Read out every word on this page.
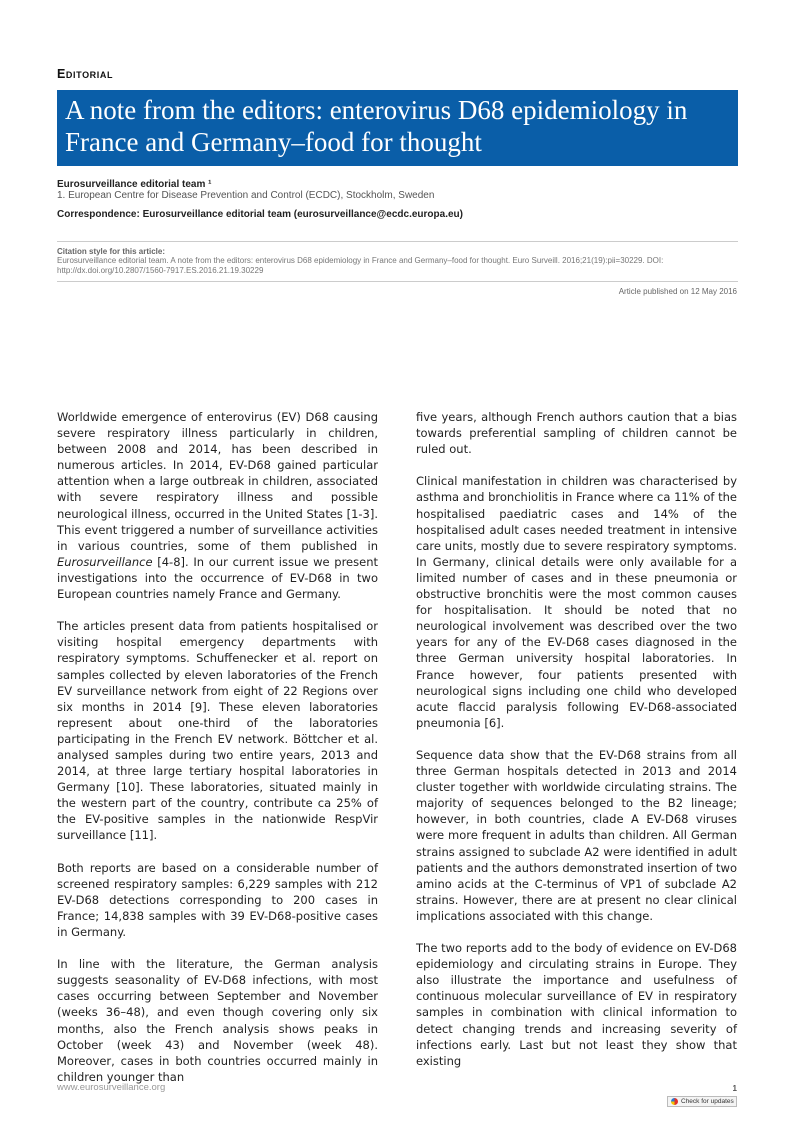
Editorial
A note from the editors: enterovirus D68 epidemiology in France and Germany–food for thought
Eurosurveillance editorial team ¹
1. European Centre for Disease Prevention and Control (ECDC), Stockholm, Sweden
Correspondence: Eurosurveillance editorial team (eurosurveillance@ecdc.europa.eu)
Citation style for this article:
Eurosurveillance editorial team. A note from the editors: enterovirus D68 epidemiology in France and Germany–food for thought. Euro Surveill. 2016;21(19):pii=30229. DOI: http://dx.doi.org/10.2807/1560-7917.ES.2016.21.19.30229
Article published on 12 May 2016

Worldwide emergence of enterovirus (EV) D68 causing severe respiratory illness particularly in children, between 2008 and 2014, has been described in numerous articles. In 2014, EV-D68 gained particular attention when a large outbreak in children, associated with severe respiratory illness and possible neurological illness, occurred in the United States [1-3]. This event triggered a number of surveillance activities in various countries, some of them published in Eurosurveillance [4-8]. In our current issue we present investigations into the occurrence of EV-D68 in two European countries namely France and Germany.

The articles present data from patients hospitalised or visiting hospital emergency departments with respiratory symptoms. Schuffenecker et al. report on samples collected by eleven laboratories of the French EV surveillance network from eight of 22 Regions over six months in 2014 [9]. These eleven laboratories represent about one-third of the laboratories participating in the French EV network. Böttcher et al. analysed samples during two entire years, 2013 and 2014, at three large tertiary hospital laboratories in Germany [10]. These laboratories, situated mainly in the western part of the country, contribute ca 25% of the EV-positive samples in the nationwide RespVir surveillance [11].

Both reports are based on a considerable number of screened respiratory samples: 6,229 samples with 212 EV-D68 detections corresponding to 200 cases in France; 14,838 samples with 39 EV-D68-positive cases in Germany.

In line with the literature, the German analysis suggests seasonality of EV-D68 infections, with most cases occurring between September and November (weeks 36–48), and even though covering only six months, also the French analysis shows peaks in October (week 43) and November (week 48). Moreover, cases in both countries occurred mainly in children younger than

five years, although French authors caution that a bias towards preferential sampling of children cannot be ruled out.

Clinical manifestation in children was characterised by asthma and bronchiolitis in France where ca 11% of the hospitalised paediatric cases and 14% of the hospitalised adult cases needed treatment in intensive care units, mostly due to severe respiratory symptoms. In Germany, clinical details were only available for a limited number of cases and in these pneumonia or obstructive bronchitis were the most common causes for hospitalisation. It should be noted that no neurological involvement was described over the two years for any of the EV-D68 cases diagnosed in the three German university hospital laboratories. In France however, four patients presented with neurological signs including one child who developed acute flaccid paralysis following EV-D68-associated pneumonia [6].

Sequence data show that the EV-D68 strains from all three German hospitals detected in 2013 and 2014 cluster together with worldwide circulating strains. The majority of sequences belonged to the B2 lineage; however, in both countries, clade A EV-D68 viruses were more frequent in adults than children. All German strains assigned to subclade A2 were identified in adult patients and the authors demonstrated insertion of two amino acids at the C-terminus of VP1 of subclade A2 strains. However, there are at present no clear clinical implications associated with this change.

The two reports add to the body of evidence on EV-D68 epidemiology and circulating strains in Europe. They also illustrate the importance and usefulness of continuous molecular surveillance of EV in respiratory samples in combination with clinical information to detect changing trends and increasing severity of infections early. Last but not least they show that existing

www.eurosurveillance.org	1
Check for updates
